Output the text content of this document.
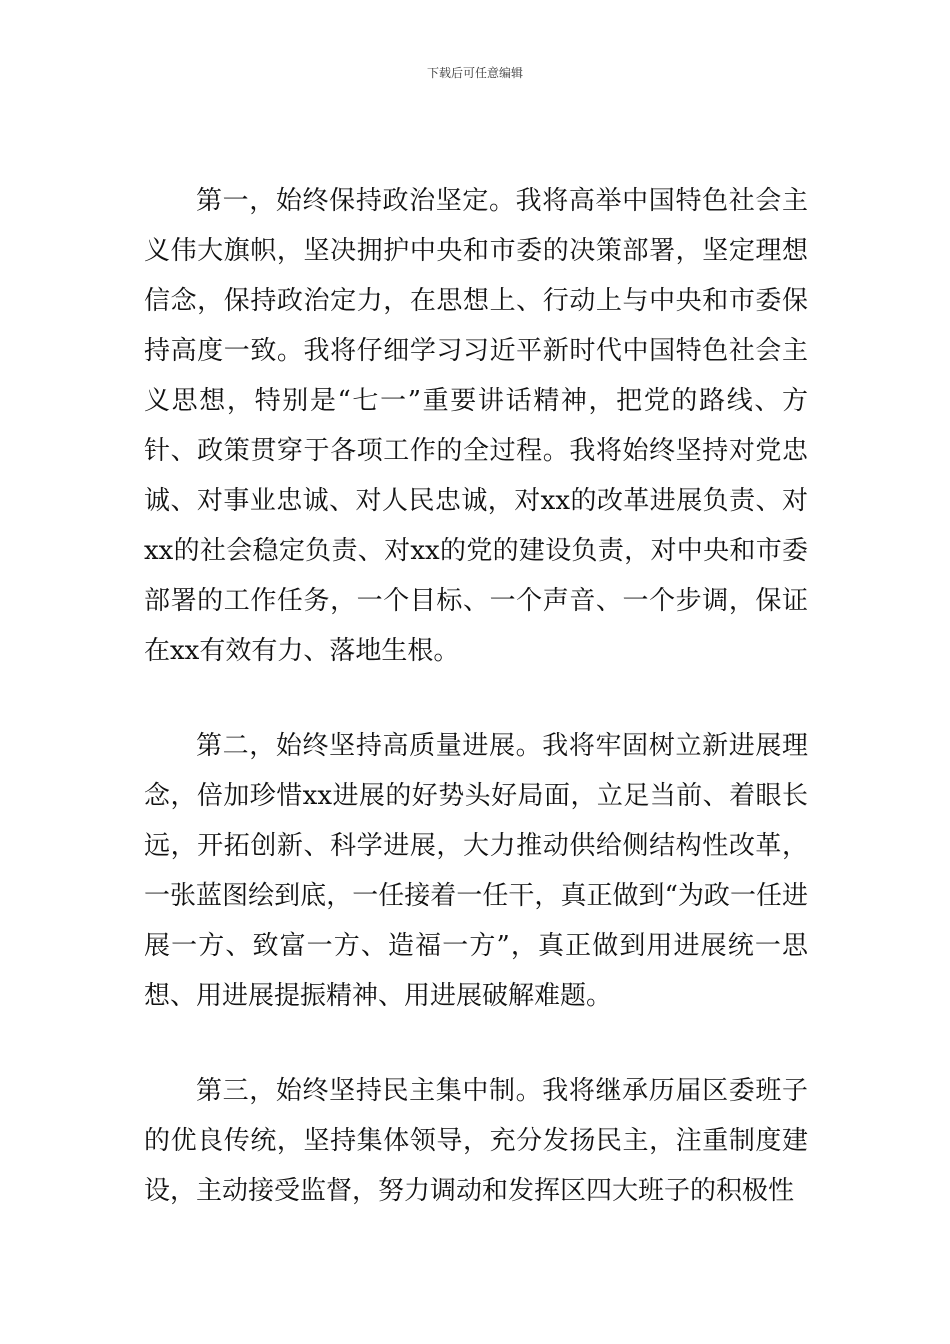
下载后可任意编辑

第一，始终保持政治坚定。我将高举中国特色社会主义伟大旗帜，坚决拥护中央和市委的决策部署，坚定理想信念，保持政治定力，在思想上、行动上与中央和市委保持高度一致。我将仔细学习习近平新时代中国特色社会主义思想，特别是“七一”重要讲话精神，把党的路线、方针、政策贯穿于各项工作的全过程。我将始终坚持对党忠诚、对事业忠诚、对人民忠诚，对xx的改革进展负责、对xx的社会稳定负责、对xx的党的建设负责，对中央和市委部署的工作任务，一个目标、一个声音、一个步调，保证在xx有效有力、落地生根。

第二，始终坚持高质量进展。我将牢固树立新进展理念，倍加珍惜xx进展的好势头好局面，立足当前、着眼长远，开拓创新、科学进展，大力推动供给侧结构性改革，一张蓝图绘到底，一任接着一任干，真正做到“为政一任进展一方、致富一方、造福一方”，真正做到用进展统一思想、用进展提振精神、用进展破解难题。

第三，始终坚持民主集中制。我将继承历届区委班子的优良传统，坚持集体领导，充分发扬民主，注重制度建设，主动接受监督，努力调动和发挥区四大班子的积极性
